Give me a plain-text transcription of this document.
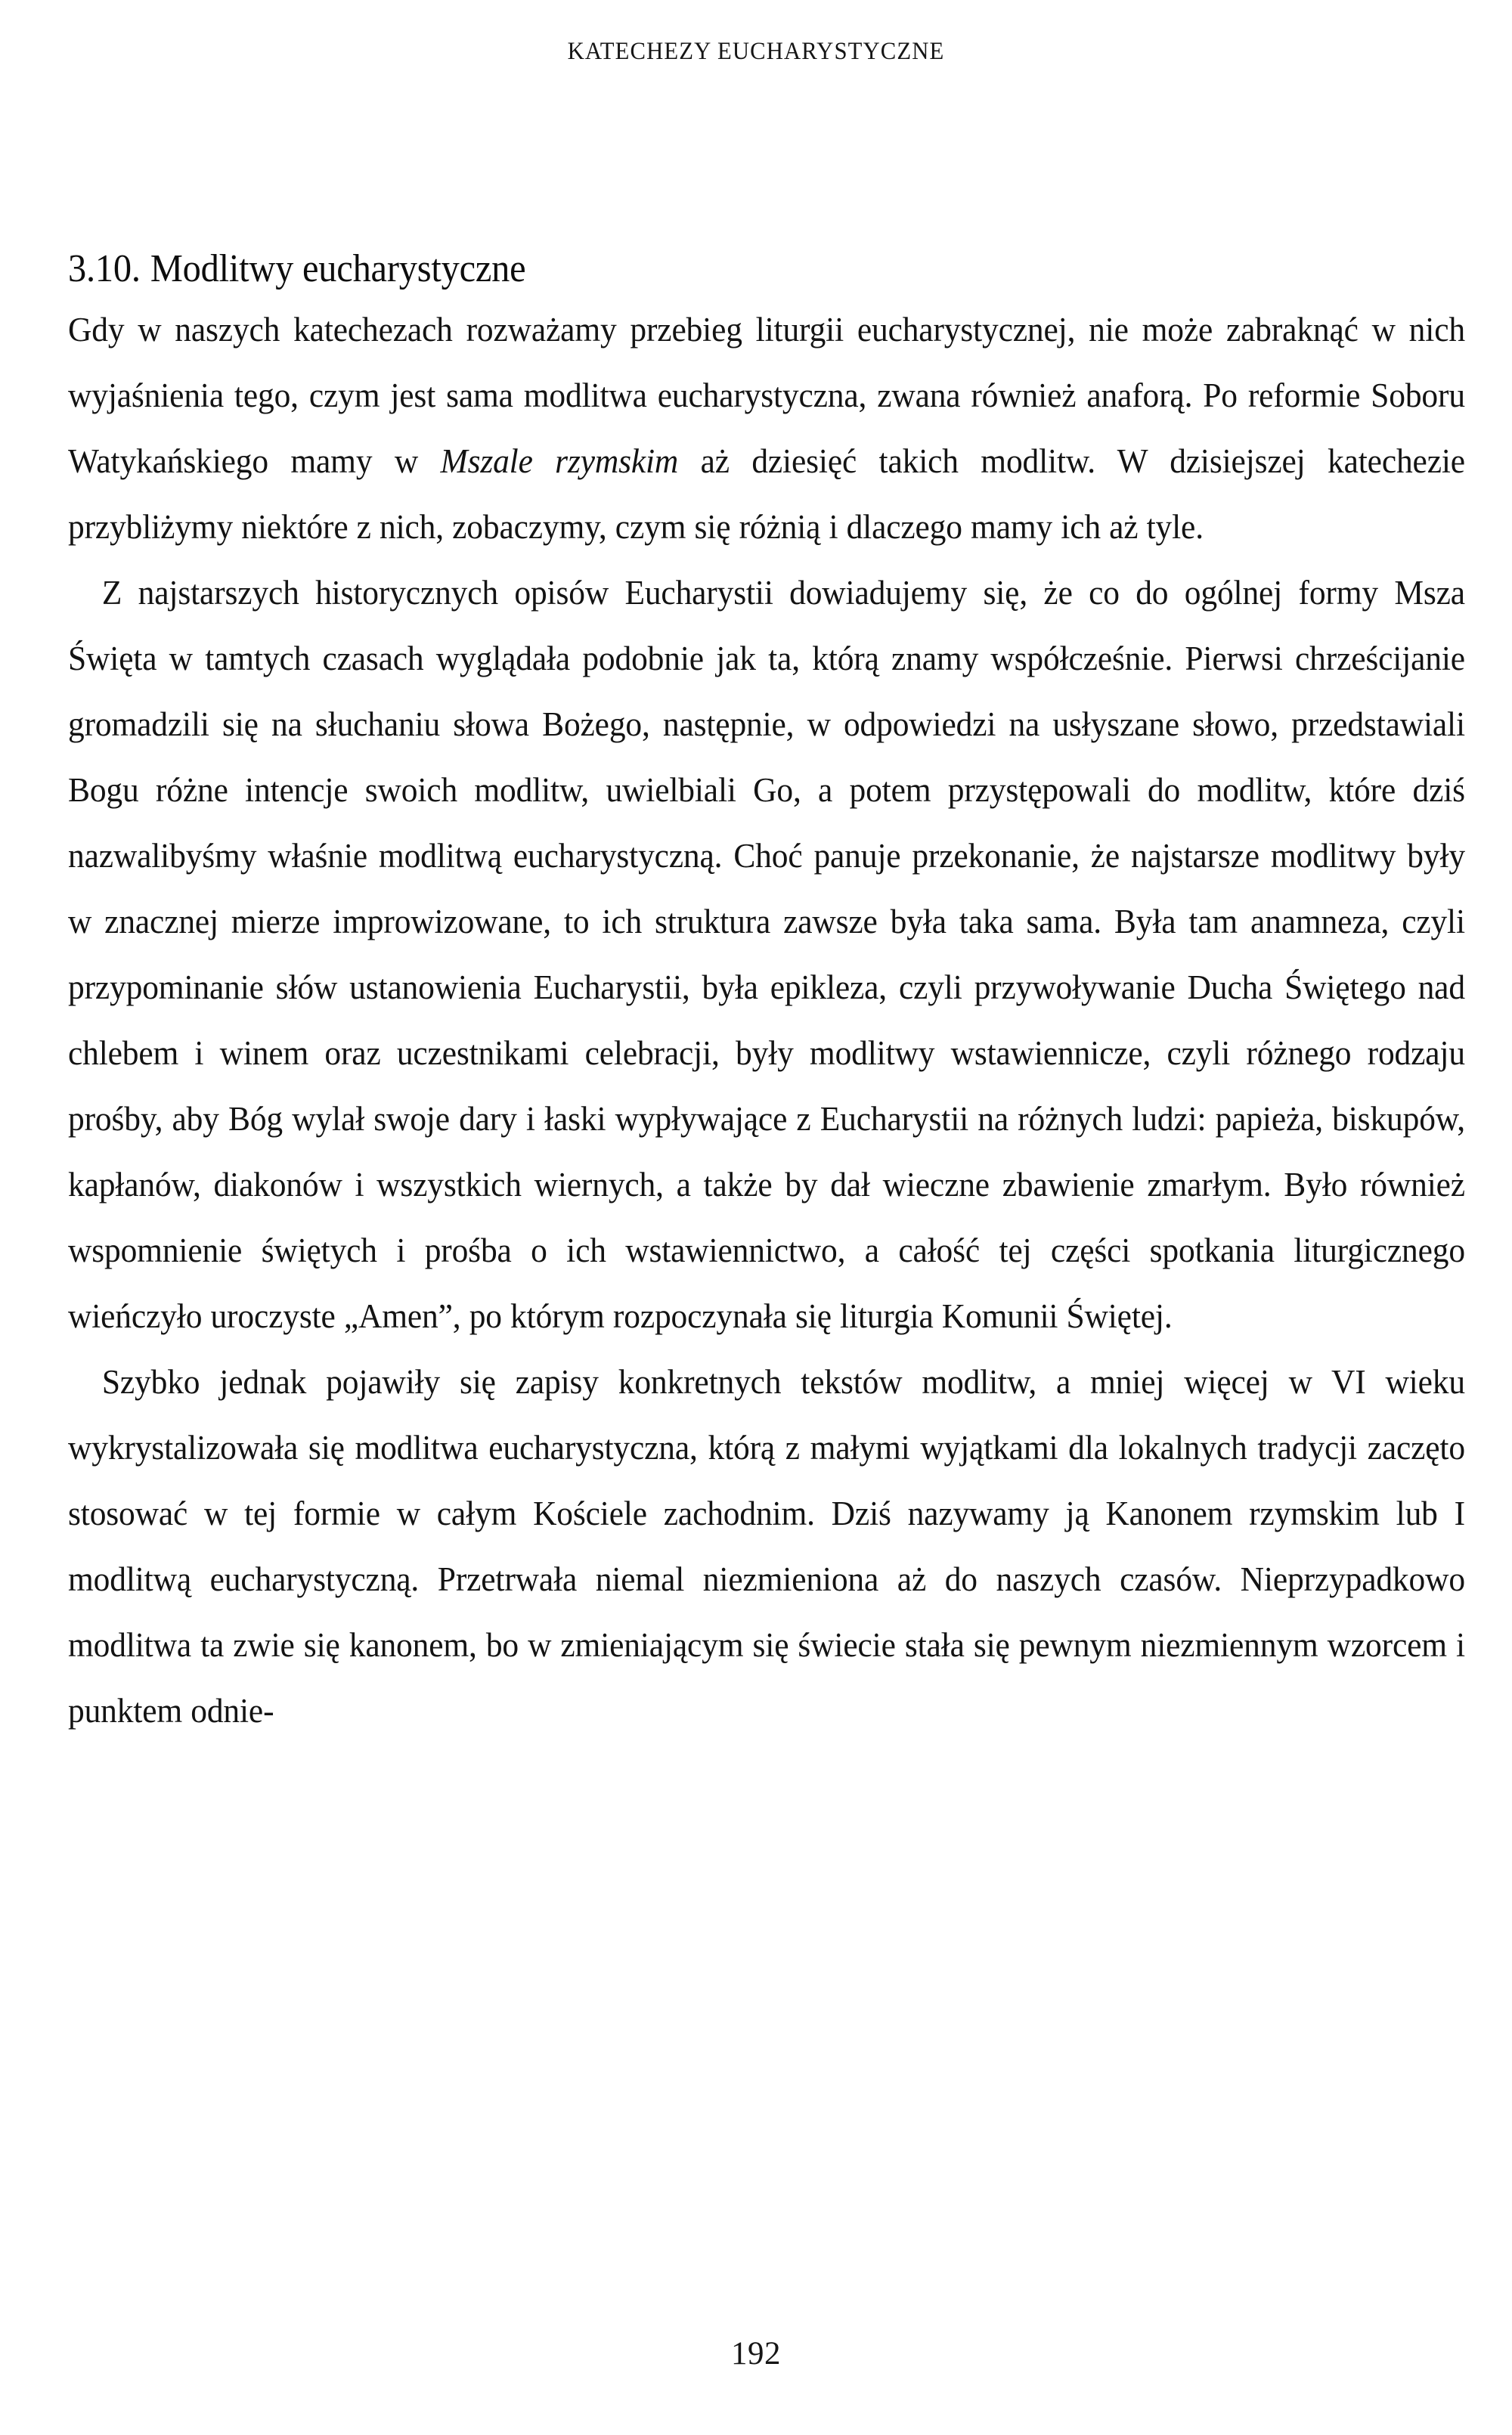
KATECHEZY EUCHARYSTYCZNE
3.10. Modlitwy eucharystyczne

Gdy w naszych katechezach rozważamy przebieg liturgii eucharystycznej, nie może zabraknąć w nich wyjaśnienia tego, czym jest sama modlitwa eucharystyczna, zwana również anaforą. Po reformie Soboru Watykańskiego mamy w Mszale rzymskim aż dziesięć takich modlitw. W dzisiejszej katechezie przybliżymy niektóre z nich, zobaczymy, czym się różnią i dlaczego mamy ich aż tyle.

Z najstarszych historycznych opisów Eucharystii dowiadujemy się, że co do ogólnej formy Msza Święta w tamtych czasach wyglądała podobnie jak ta, którą znamy współcześnie. Pierwsi chrześcijanie gromadzili się na słuchaniu słowa Bożego, następnie, w odpowiedzi na usłyszane słowo, przedstawiali Bogu różne intencje swoich modlitw, uwielbiali Go, a potem przystępowali do modlitw, które dziś nazwalibyśmy właśnie modlitwą eucharystyczną. Choć panuje przekonanie, że najstarsze modlitwy były w znacznej mierze improwizowane, to ich struktura zawsze była taka sama. Była tam anamneza, czyli przypominanie słów ustanowienia Eucharystii, była epikleza, czyli przywoływanie Ducha Świętego nad chlebem i winem oraz uczestnikami celebracji, były modlitwy wstawiennicze, czyli różnego rodzaju prośby, aby Bóg wylał swoje dary i łaski wypływające z Eucharystii na różnych ludzi: papieża, biskupów, kapłanów, diakonów i wszystkich wiernych, a także by dał wieczne zbawienie zmarłym. Było również wspomnienie świętych i prośba o ich wstawiennictwo, a całość tej części spotkania liturgicznego wieńczyło uroczyste „Amen”, po którym rozpoczynała się liturgia Komunii Świętej.

Szybko jednak pojawiły się zapisy konkretnych tekstów modlitw, a mniej więcej w VI wieku wykrystalizowała się modlitwa eucharystyczna, którą z małymi wyjątkami dla lokalnych tradycji zaczęto stosować w tej formie w całym Kościele zachodnim. Dziś nazywamy ją Kanonem rzymskim lub I modlitwą eucharystyczną. Przetrwała niemal niezmieniona aż do naszych czasów. Nieprzypadkowo modlitwa ta zwie się kanonem, bo w zmieniającym się świecie stała się pewnym niezmiennym wzorcem i punktem odnie-

192
